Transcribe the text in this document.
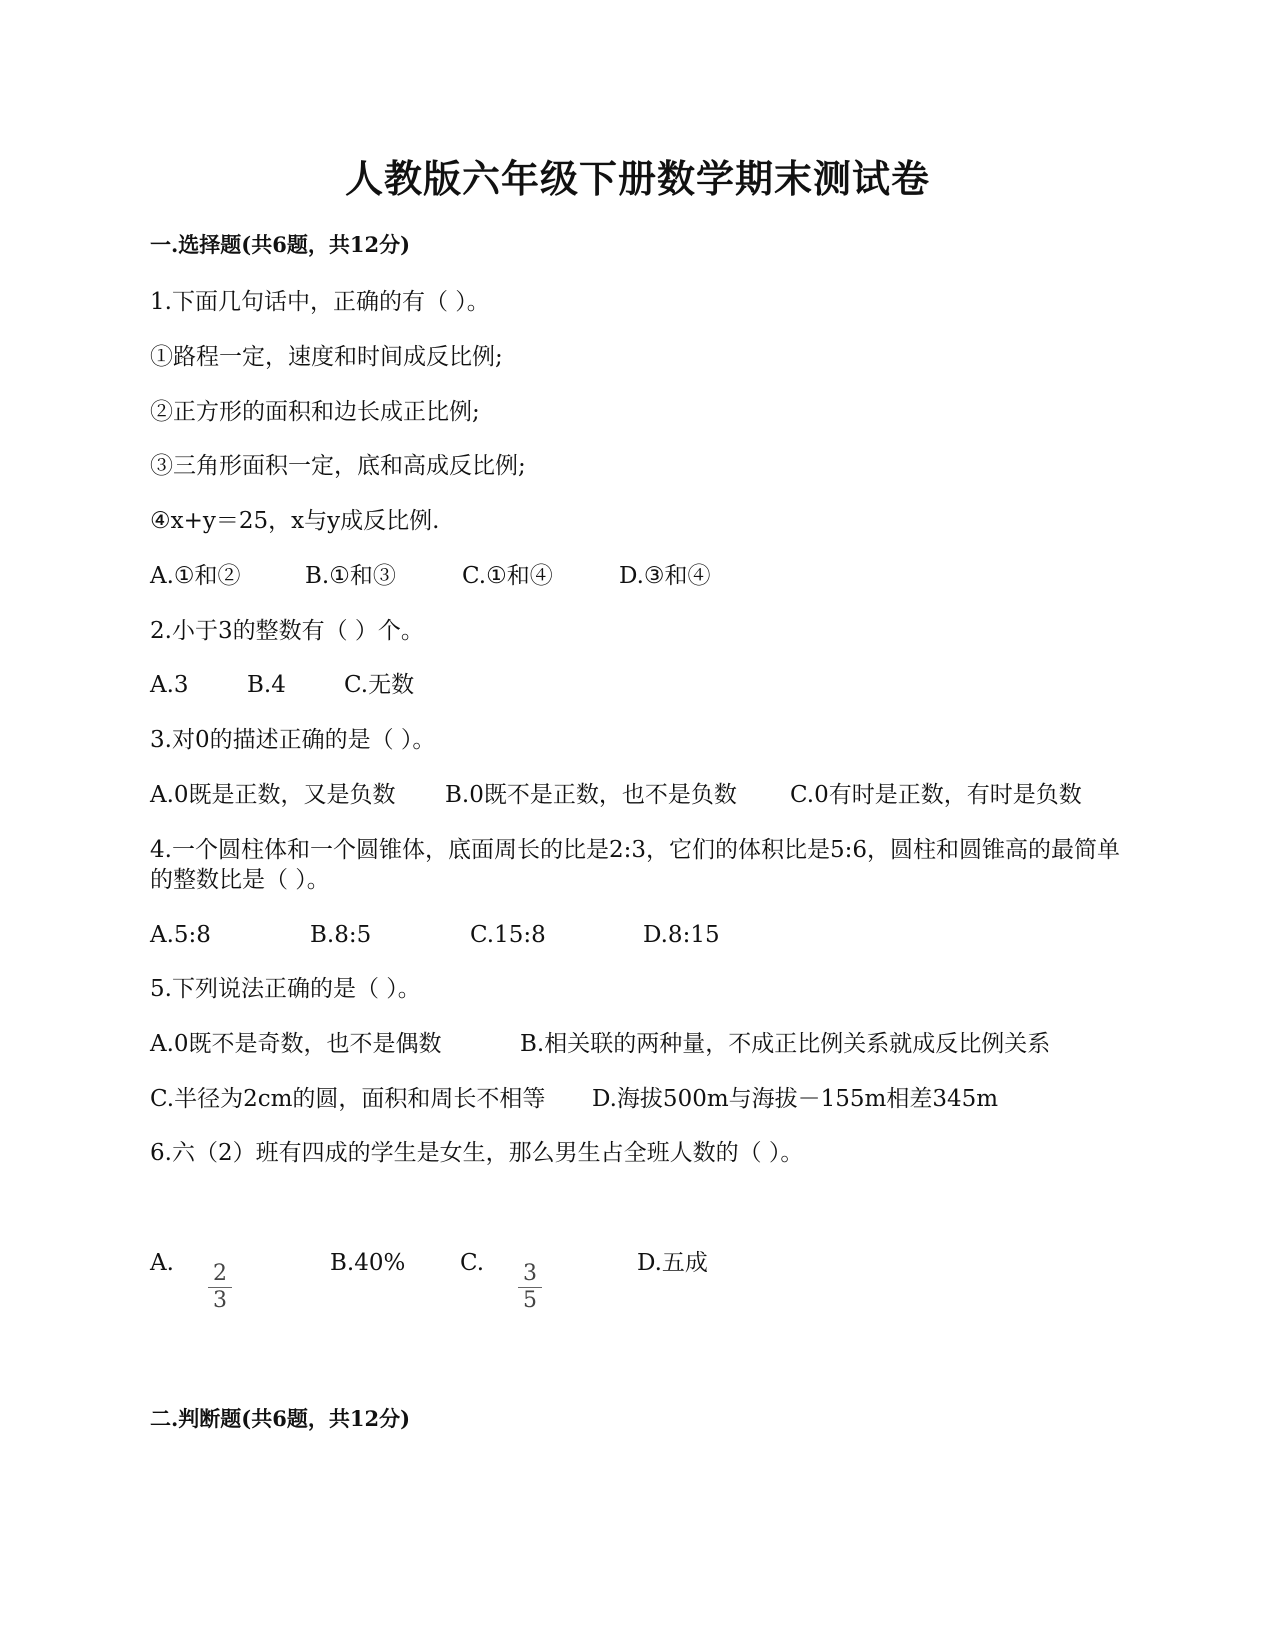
人教版六年级下册数学期末测试卷
一.选择题(共6题，共12分)
1.下面几句话中，正确的有（ ）。
①路程一定，速度和时间成反比例;
②正方形的面积和边长成正比例;
③三角形面积一定，底和高成反比例;
④x+y＝25，x与y成反比例.
A.①和②	B.①和③	C.①和④	D.③和④
2.小于3的整数有（ ）个。
A.3	B.4	C.无数
3.对0的描述正确的是（ ）。
A.0既是正数，又是负数 B.0既不是正数，也不是负数 C.0有时是正数，有时是负数
4.一个圆柱体和一个圆锥体，底面周长的比是2:3，它们的体积比是5:6，圆柱和圆锥高的最简单的整数比是（ ）。
A.5:8	B.8:5	C.15:8	D.8:15
5.下列说法正确的是（ ）。
A.0既不是奇数，也不是偶数	B.相关联的两种量，不成正比例关系就成反比例关系
C.半径为2cm的圆，面积和周长不相等 D.海拔500m与海拔－155m相差345m
6.六（2）班有四成的学生是女生，那么男生占全班人数的（ ）。
A. 2
3
B.40% C. 3
5
D.五成
二.判断题(共6题，共12分)
